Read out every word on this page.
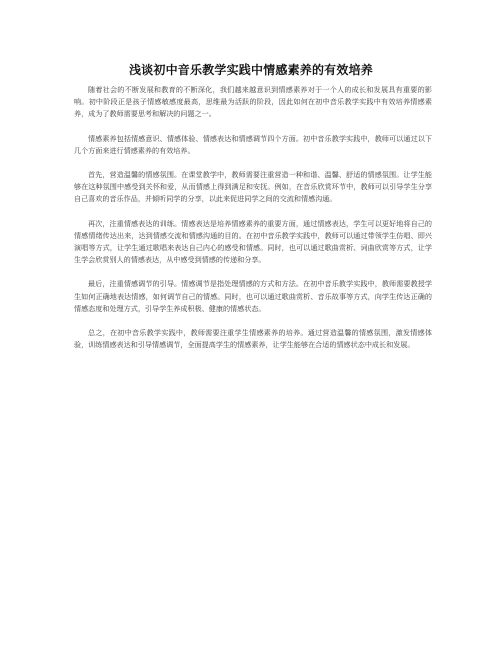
浅谈初中音乐教学实践中情感素养的有效培养

随着社会的不断发展和教育的不断深化，我们越来越意识到情感素养对于一个人的成长和发展具有重要的影响。初中阶段正是孩子情感敏感度最高，思维最为活跃的阶段，因此如何在初中音乐教学实践中有效培养情感素养，成为了教师需要思考和解决的问题之一。

情感素养包括情感意识、情感体验、情感表达和情感调节四个方面。初中音乐教学实践中，教师可以通过以下几个方面来进行情感素养的有效培养。

首先，营造温馨的情感氛围。在课堂教学中，教师需要注重营造一种和谐、温馨、舒适的情感氛围。让学生能够在这种氛围中感受到关怀和爱，从而情感上得到满足和安抚。例如，在音乐欣赏环节中，教师可以引导学生分享自己喜欢的音乐作品，并倾听同学的分享，以此来促进同学之间的交流和情感沟通。

再次，注重情感表达的训练。情感表达是培养情感素养的重要方面，通过情感表达，学生可以更好地将自己的情感情绪传达出来，达到情感交流和情感沟通的目的。在初中音乐教学实践中，教师可以通过带领学生仿唱、即兴演唱等方式，让学生通过歌唱来表达自己内心的感受和情感。同时，也可以通过歌曲赏析、词曲欣赏等方式，让学生学会欣赏别人的情感表达，从中感受到情感的传递和分享。

最后，注重情感调节的引导。情感调节是指处理情感的方式和方法。在初中音乐教学实践中，教师需要教授学生如何正确地表达情感，如何调节自己的情感。同时，也可以通过歌曲赏析、音乐故事等方式，向学生传达正确的情感态度和处理方式，引导学生养成积极、健康的情感状态。

总之，在初中音乐教学实践中，教师需要注重学生情感素养的培养。通过营造温馨的情感氛围，激发情感体验，训练情感表达和引导情感调节，全面提高学生的情感素养，让学生能够在合适的情感状态中成长和发展。
